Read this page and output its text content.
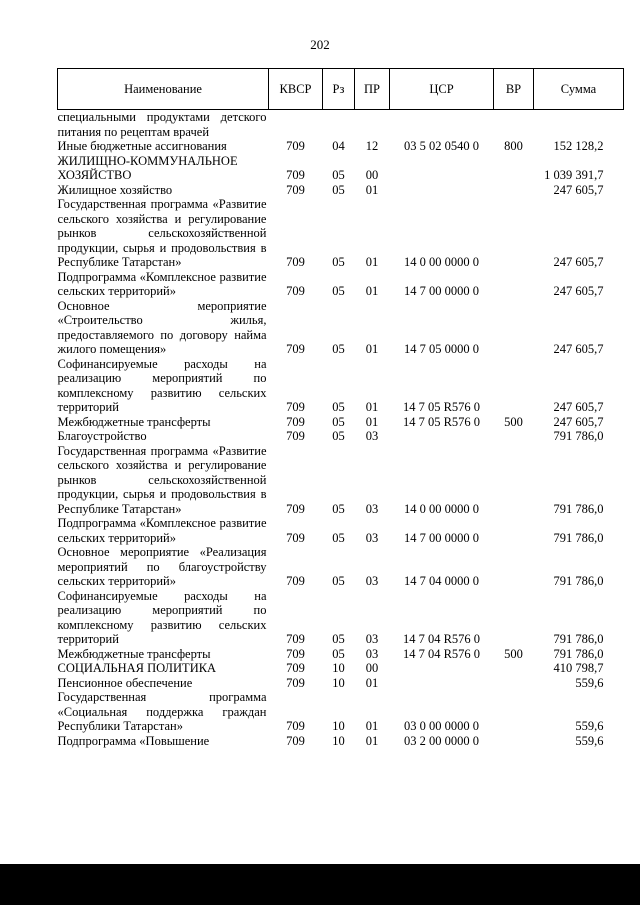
202
Наименование	КВСР	Рз	ПР	ЦСР	ВР	Сумма
специальными продуктами детского питания по рецептам врачей						
Иные бюджетные ассигнования	709	04	12	03 5 02 0540 0	800	152 128,2
ЖИЛИЩНО-КОММУНАЛЬНОЕ ХОЗЯЙСТВО	709	05	00			1 039 391,7
Жилищное хозяйство	709	05	01			247 605,7
Государственная программа «Развитие сельского хозяйства и регулирование рынков сельскохозяйственной продукции, сырья и продовольствия в Республике Татарстан»	709	05	01	14 0 00 0000 0		247 605,7
Подпрограмма «Комплексное развитие сельских территорий»	709	05	01	14 7 00 0000 0		247 605,7
Основное мероприятие «Строительство жилья, предоставляемого по договору найма жилого помещения»	709	05	01	14 7 05 0000 0		247 605,7
Софинансируемые расходы на реализацию мероприятий по комплексному развитию сельских территорий	709	05	01	14 7 05 R576 0		247 605,7
Межбюджетные трансферты	709	05	01	14 7 05 R576 0	500	247 605,7
Благоустройство	709	05	03			791 786,0
Государственная программа «Развитие сельского хозяйства и регулирование рынков сельскохозяйственной продукции, сырья и продовольствия в Республике Татарстан»	709	05	03	14 0 00 0000 0		791 786,0
Подпрограмма «Комплексное развитие сельских территорий»	709	05	03	14 7 00 0000 0		791 786,0
Основное мероприятие «Реализация мероприятий по благоустройству сельских территорий»	709	05	03	14 7 04 0000 0		791 786,0
Софинансируемые расходы на реализацию мероприятий по комплексному развитию сельских территорий	709	05	03	14 7 04 R576 0		791 786,0
Межбюджетные трансферты	709	05	03	14 7 04 R576 0	500	791 786,0
СОЦИАЛЬНАЯ ПОЛИТИКА	709	10	00			410 798,7
Пенсионное обеспечение	709	10	01			559,6
Государственная программа «Социальная поддержка граждан Республики Татарстан»	709	10	01	03 0 00 0000 0		559,6
Подпрограмма «Повышение	709	10	01	03 2 00 0000 0		559,6
